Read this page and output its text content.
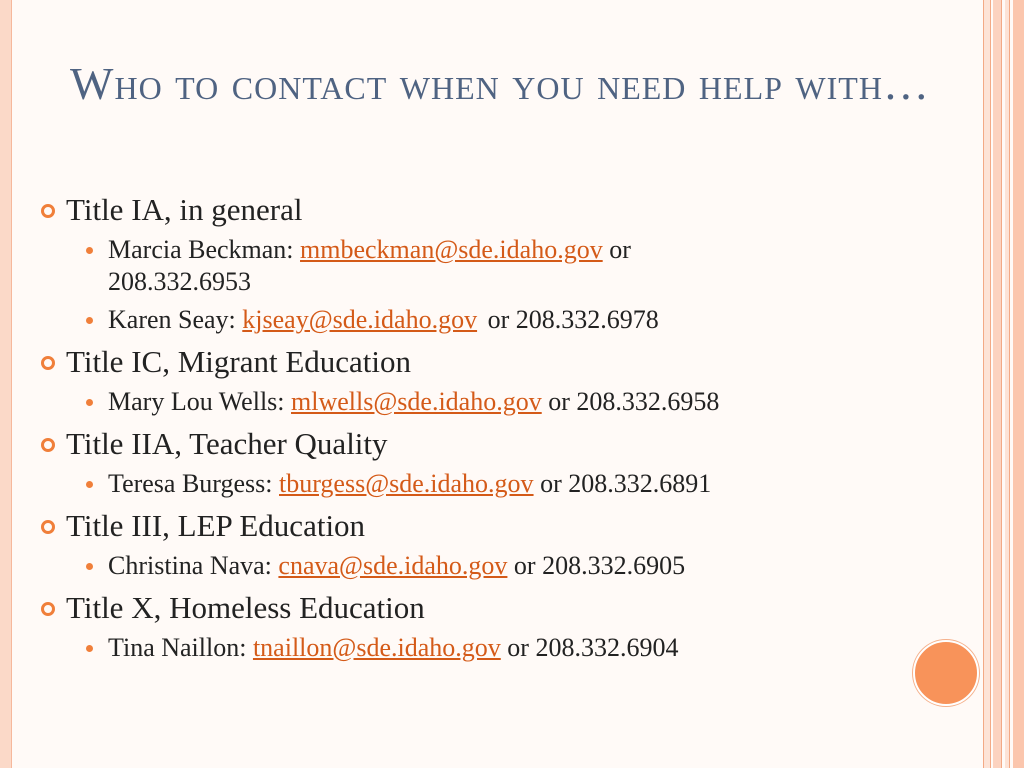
Who to contact when you need help with…
Title IA, in general
Marcia Beckman: mmbeckman@sde.idaho.gov or
208.332.6953
Karen Seay: kjseay@sde.idaho.gov or 208.332.6978
Title IC, Migrant Education
Mary Lou Wells: mlwells@sde.idaho.gov or 208.332.6958
Title IIA, Teacher Quality
Teresa Burgess: tburgess@sde.idaho.gov or 208.332.6891
Title III, LEP Education
Christina Nava: cnava@sde.idaho.gov or 208.332.6905
Title X, Homeless Education
Tina Naillon: tnaillon@sde.idaho.gov or 208.332.6904
